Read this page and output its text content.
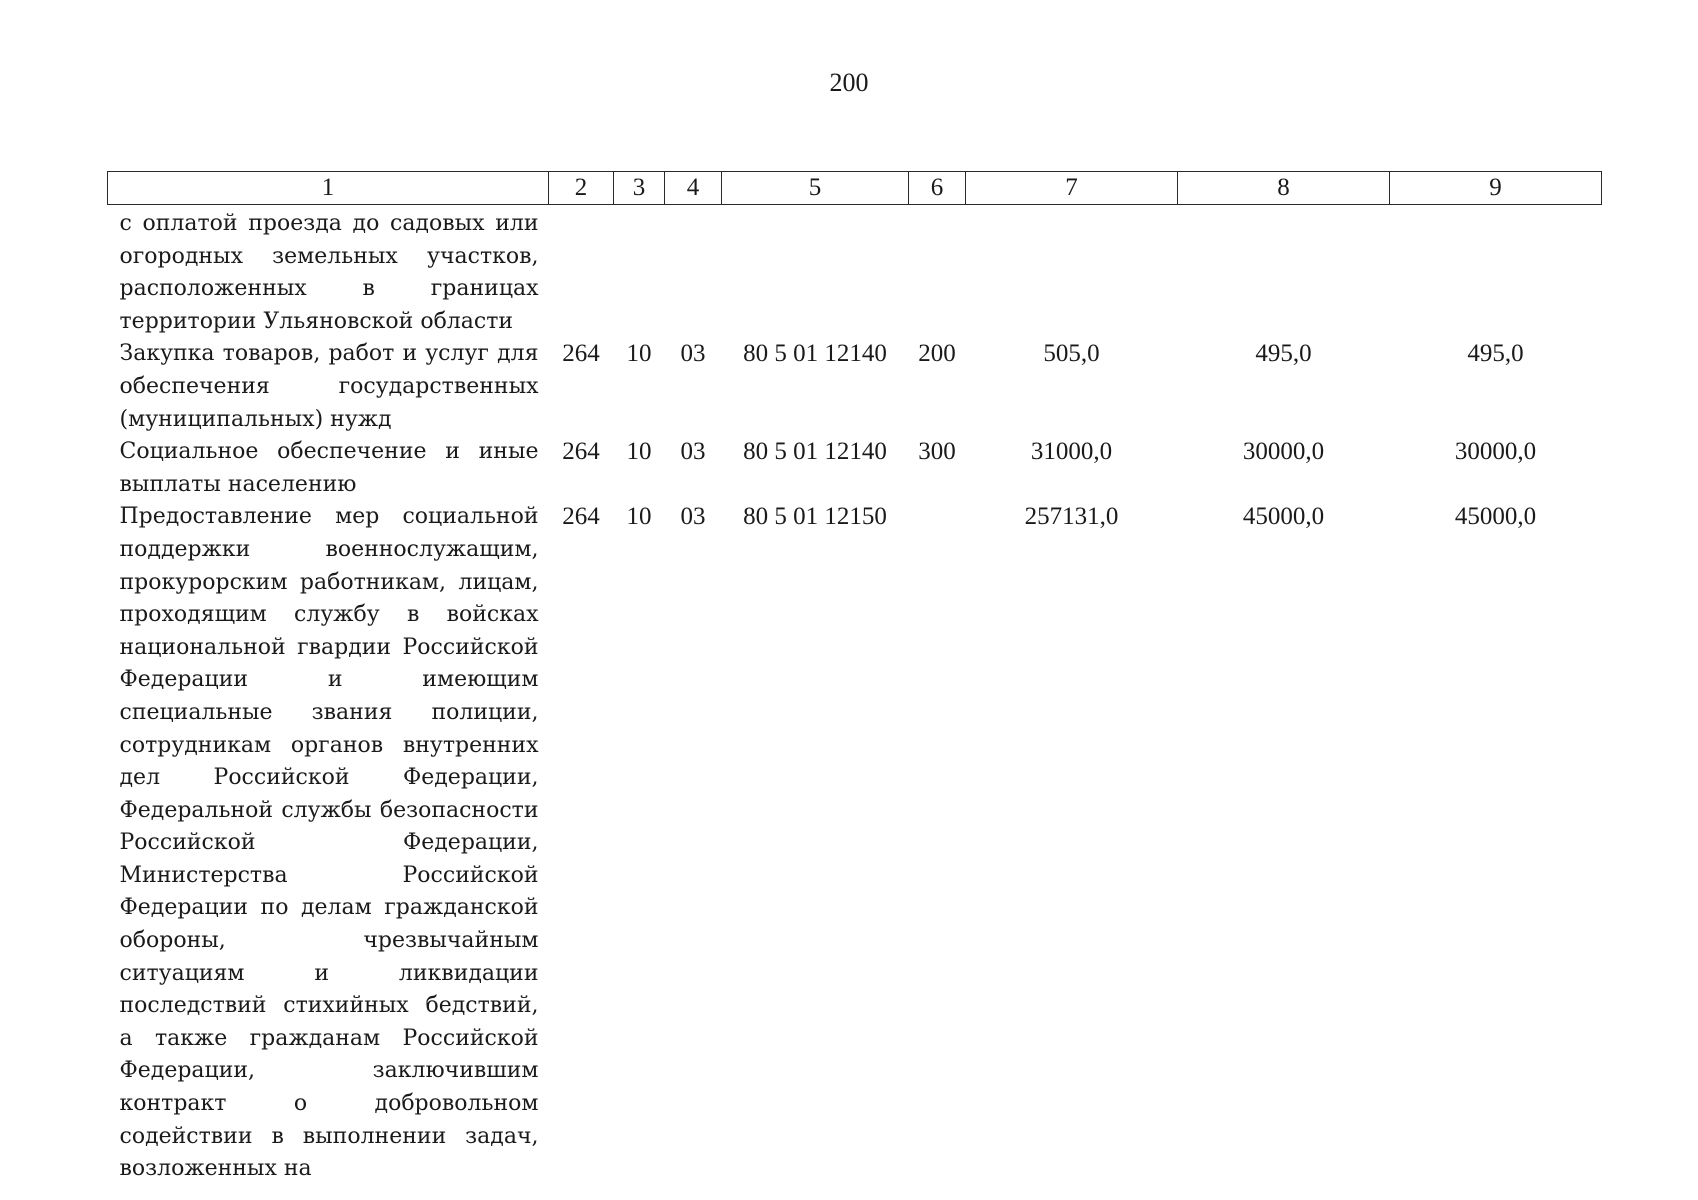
200
1	2	3	4	5	6	7	8	9
с оплатой проезда до садовых или огородных земельных участков, расположенных в границах территории Ульяновской области								
Закупка товаров, работ и услуг для обеспечения государственных (муниципальных) нужд	264	10	03	80 5 01 12140	200	505,0	495,0	495,0
Социальное обеспечение и иные выплаты населению	264	10	03	80 5 01 12140	300	31000,0	30000,0	30000,0
Предоставление мер социальной поддержки военнослужащим, прокурорским работникам, лицам, проходящим службу в войсках национальной гвардии Российской Федерации и имеющим специальные звания полиции, сотрудникам органов внутренних дел Российской Федерации, Федеральной службы безопасности Российской Федерации, Министерства Российской Федерации по делам гражданской обороны, чрезвычайным ситуациям и ликвидации последствий стихийных бедствий, а также гражданам Российской Федерации, заключившим контракт о добровольном содействии в выполнении задач, возложенных на	264	10	03	80 5 01 12150		257131,0	45000,0	45000,0
